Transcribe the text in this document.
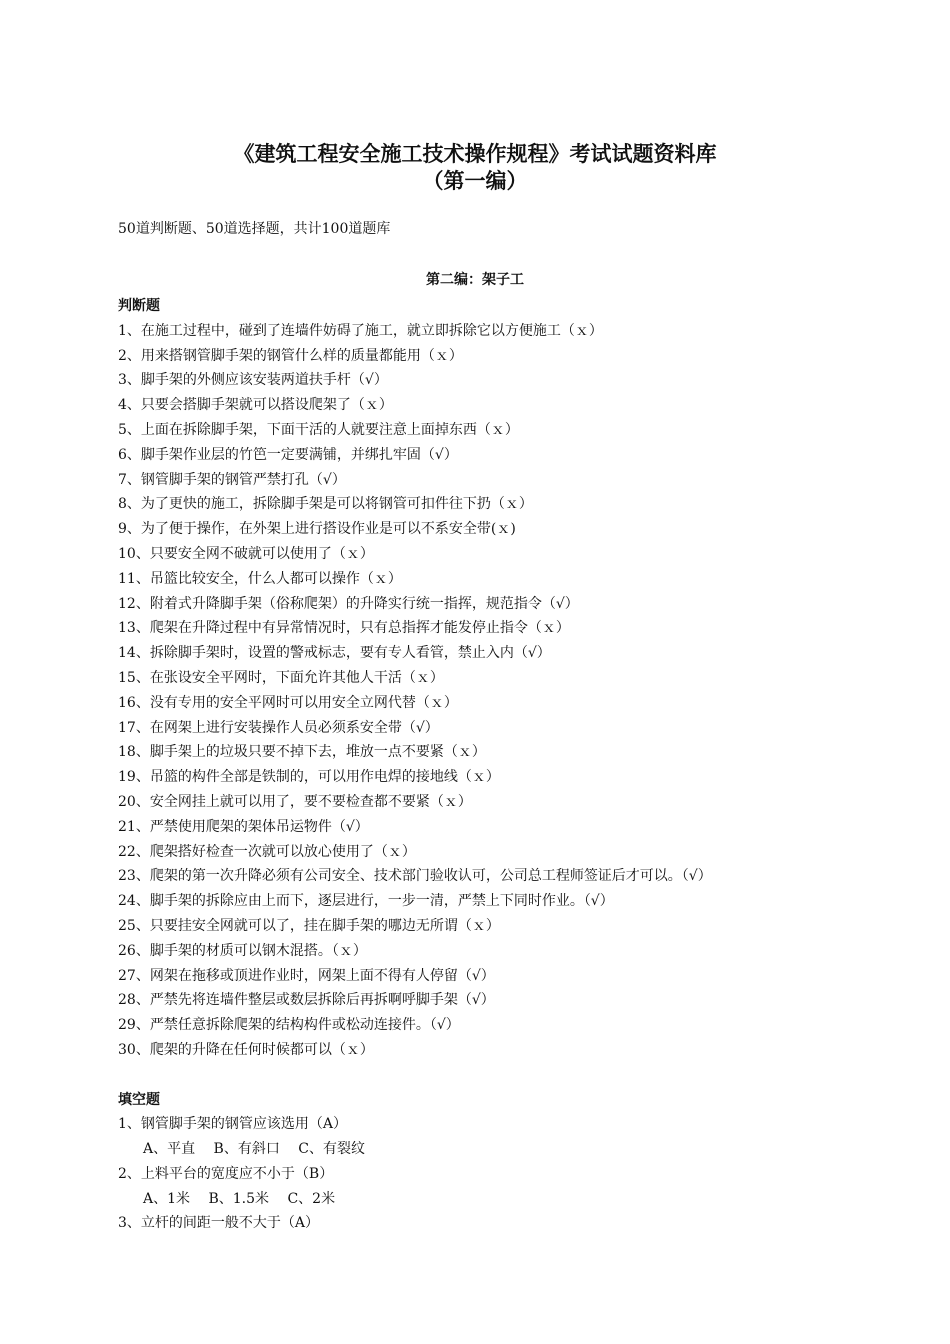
《建筑工程安全施工技术操作规程》考试试题资料库
（第一编）
50道判断题、50道选择题，共计100道题库
第二编：架子工
判断题
1、在施工过程中，碰到了连墙件妨碍了施工，就立即拆除它以方便施工（ｘ）
2、用来搭钢管脚手架的钢管什么样的质量都能用（ｘ）
3、脚手架的外侧应该安装两道扶手杆（√）
4、只要会搭脚手架就可以搭设爬架了（ｘ）
5、上面在拆除脚手架，下面干活的人就要注意上面掉东西（ｘ）
6、脚手架作业层的竹笆一定要满铺，并绑扎牢固（√）
7、钢管脚手架的钢管严禁打孔（√）
8、为了更快的施工，拆除脚手架是可以将钢管可扣件往下扔（ｘ）
9、为了便于操作，在外架上进行搭设作业是可以不系安全带(ｘ)
10、只要安全网不破就可以使用了（ｘ）
11、吊篮比较安全，什么人都可以操作（ｘ）
12、附着式升降脚手架（俗称爬架）的升降实行统一指挥，规范指令（√）
13、爬架在升降过程中有异常情况时，只有总指挥才能发停止指令（ｘ）
14、拆除脚手架时，设置的警戒标志，要有专人看管，禁止入内（√）
15、在张设安全平网时，下面允许其他人干活（ｘ）
16、没有专用的安全平网时可以用安全立网代替（ｘ）
17、在网架上进行安装操作人员必须系安全带（√）
18、脚手架上的垃圾只要不掉下去，堆放一点不要紧（ｘ）
19、吊篮的构件全部是铁制的，可以用作电焊的接地线（ｘ）
20、安全网挂上就可以用了，要不要检查都不要紧（ｘ）
21、严禁使用爬架的架体吊运物件（√）
22、爬架搭好检查一次就可以放心使用了（ｘ）
23、爬架的第一次升降必须有公司安全、技术部门验收认可，公司总工程师签证后才可以。（√）
24、脚手架的拆除应由上而下，逐层进行，一步一清，严禁上下同时作业。（√）
25、只要挂安全网就可以了，挂在脚手架的哪边无所谓（ｘ）
26、脚手架的材质可以钢木混搭。（ｘ）
27、网架在拖移或顶进作业时，网架上面不得有人停留（√）
28、严禁先将连墙件整层或数层拆除后再拆啊呼脚手架（√）
29、严禁任意拆除爬架的结构构件或松动连接件。（√）
30、爬架的升降在任何时候都可以（ｘ）
填空题
1、钢管脚手架的钢管应该选用（A）
A、平直　 B、有斜口　 C、有裂纹
2、上料平台的宽度应不小于（B）
A、1米　 B、1.5米　 C、2米
3、立杆的间距一般不大于（A）
